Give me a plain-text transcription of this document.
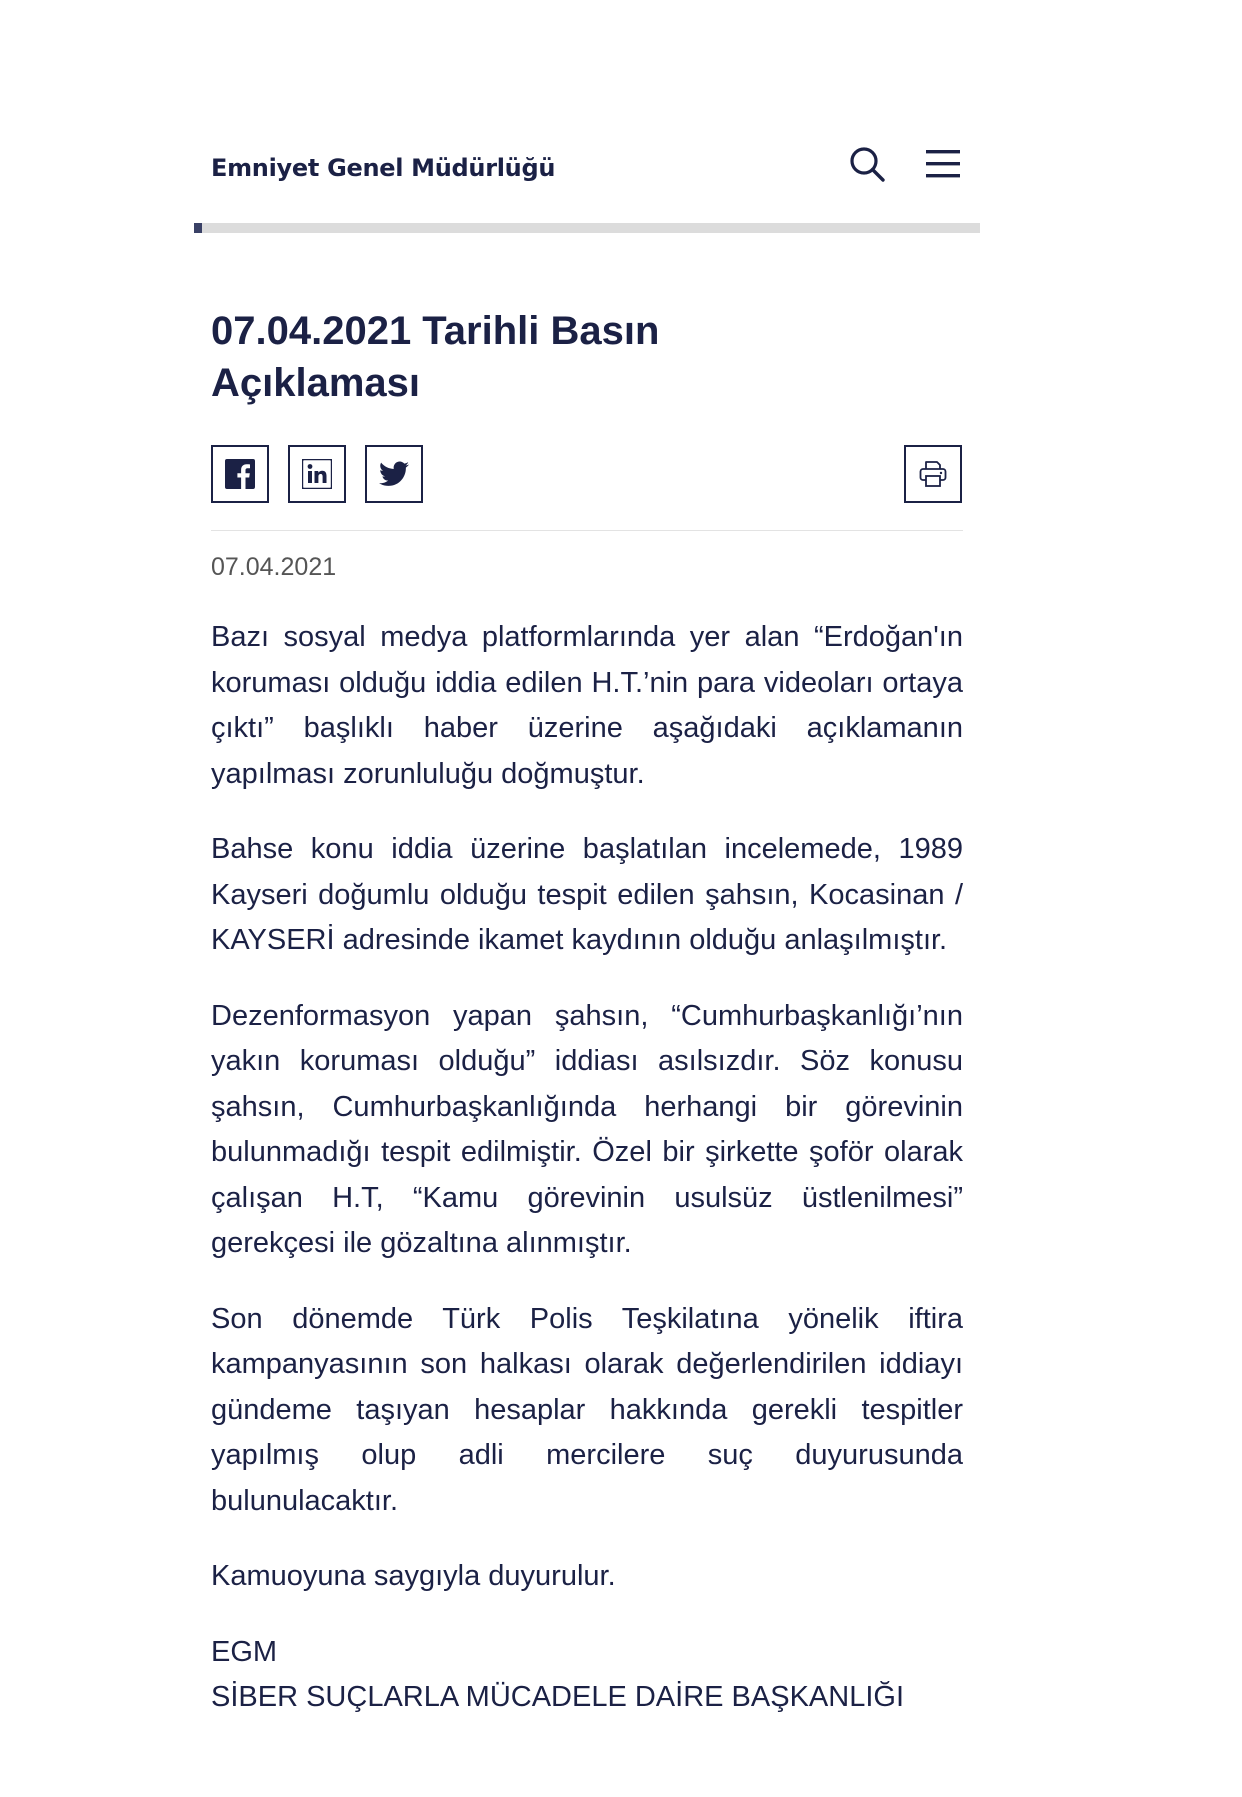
Emniyet Genel Müdürlüğü
07.04.2021 Tarihli Basın Açıklaması
07.04.2021

Bazı sosyal medya platformlarında yer alan “Erdoğan'ın koruması olduğu iddia edilen H.T.’nin para videoları ortaya çıktı” başlıklı haber üzerine aşağıdaki açıklamanın yapılması zorunluluğu doğmuştur.

Bahse konu iddia üzerine başlatılan incelemede, 1989 Kayseri doğumlu olduğu tespit edilen şahsın, Kocasinan / KAYSERİ adresinde ikamet kaydının olduğu anlaşılmıştır.

Dezenformasyon yapan şahsın, “Cumhurbaşkanlığı’nın yakın koruması olduğu” iddiası asılsızdır. Söz konusu şahsın, Cumhurbaşkanlığında herhangi bir görevinin bulunmadığı tespit edilmiştir. Özel bir şirkette şoför olarak çalışan H.T, “Kamu görevinin usulsüz üstlenilmesi” gerekçesi ile gözaltına alınmıştır.

Son dönemde Türk Polis Teşkilatına yönelik iftira kampanyasının son halkası olarak değerlendirilen iddiayı gündeme taşıyan hesaplar hakkında gerekli tespitler yapılmış olup adli mercilere suç duyurusunda bulunulacaktır.

Kamuoyuna saygıyla duyurulur.

EGM
SİBER SUÇLARLA MÜCADELE DAİRE BAŞKANLIĞI
